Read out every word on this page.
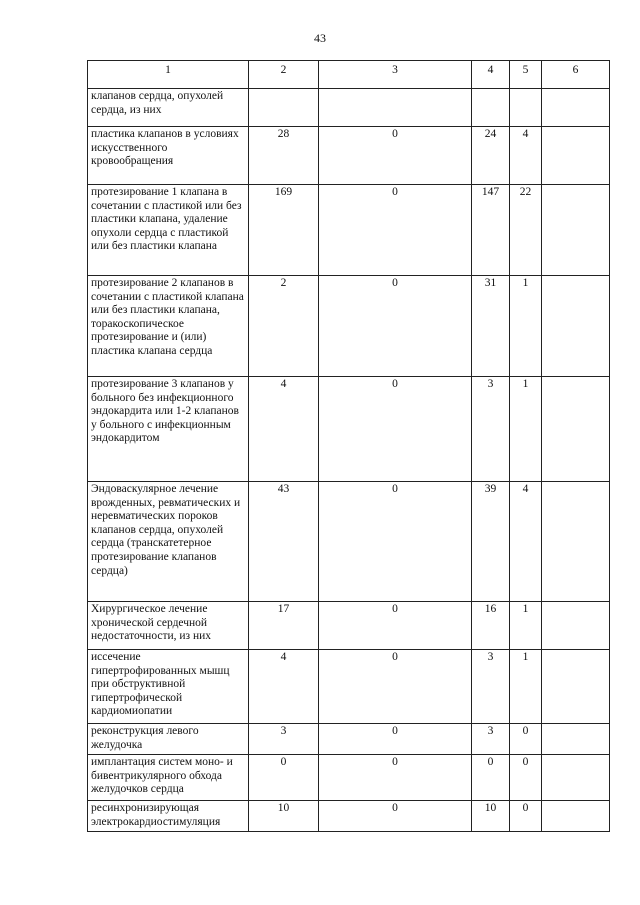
43
1	2	3	4	5	6
клапанов сердца, опухолей сердца, из них					
пластика клапанов в условиях искусственного кровообращения	28	0	24	4	
протезирование 1 клапана в сочетании с пластикой или без пластики клапана, удаление опухоли сердца с пластикой или без пластики клапана	169	0	147	22	
протезирование 2 клапанов в сочетании с пластикой клапана или без пластики клапана, торакоскопическое протезирование и (или) пластика клапана сердца	2	0	31	1	
протезирование 3 клапанов у больного без инфекционного эндокардита или 1-2 клапанов у больного с инфекционным эндокардитом	4	0	3	1	
Эндоваскулярное лечение врожденных, ревматических и неревматических пороков клапанов сердца, опухолей сердца (транскатетерное протезирование клапанов сердца)	43	0	39	4	
Хирургическое лечение хронической сердечной недостаточности, из них	17	0	16	1	
иссечение гипертрофированных мышц при обструктивной гипертрофической кардиомиопатии	4	0	3	1	
реконструкция левого желудочка	3	0	3	0	
имплантация систем моно- и бивентрикулярного обхода желудочков сердца	0	0	0	0	
ресинхронизирующая электрокардиостимуляция	10	0	10	0	
